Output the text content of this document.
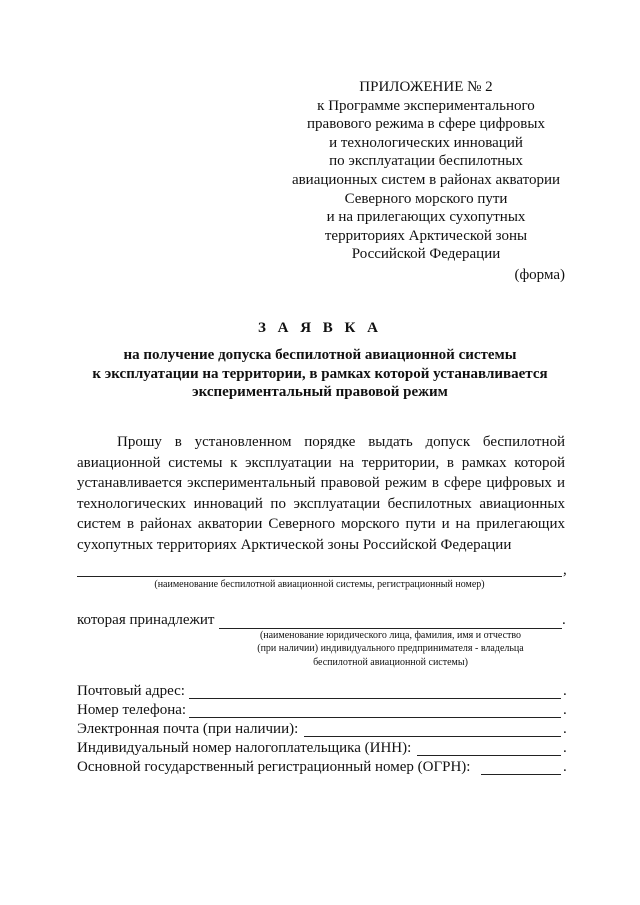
ПРИЛОЖЕНИЕ № 2
к Программе экспериментального
правового режима в сфере цифровых
и технологических инноваций
по эксплуатации беспилотных
авиационных систем в районах акватории
Северного морского пути
и на прилегающих сухопутных
территориях Арктической зоны
Российской Федерации
(форма)
З А Я В К А
на получение допуска беспилотной авиационной системы
к эксплуатации на территории, в рамках которой устанавливается
экспериментальный правовой режим
Прошу в установленном порядке выдать допуск беспилотной авиационной системы к эксплуатации на территории, в рамках которой устанавливается экспериментальный правовой режим в сфере цифровых и технологических инноваций по эксплуатации беспилотных авиационных систем в районах акватории Северного морского пути и на прилегающих сухопутных территориях Арктической зоны Российской Федерации
,
(наименование беспилотной авиационной системы, регистрационный номер)
которая принадлежит	.
(наименование юридического лица, фамилия, имя и отчество
(при наличии) индивидуального предпринимателя - владельца
беспилотной авиационной системы)
Почтовый адрес:	.
Номер телефона:	.
Электронная почта (при наличии):	.
Индивидуальный номер налогоплательщика (ИНН):	.
Основной государственный регистрационный номер (ОГРН):	.
